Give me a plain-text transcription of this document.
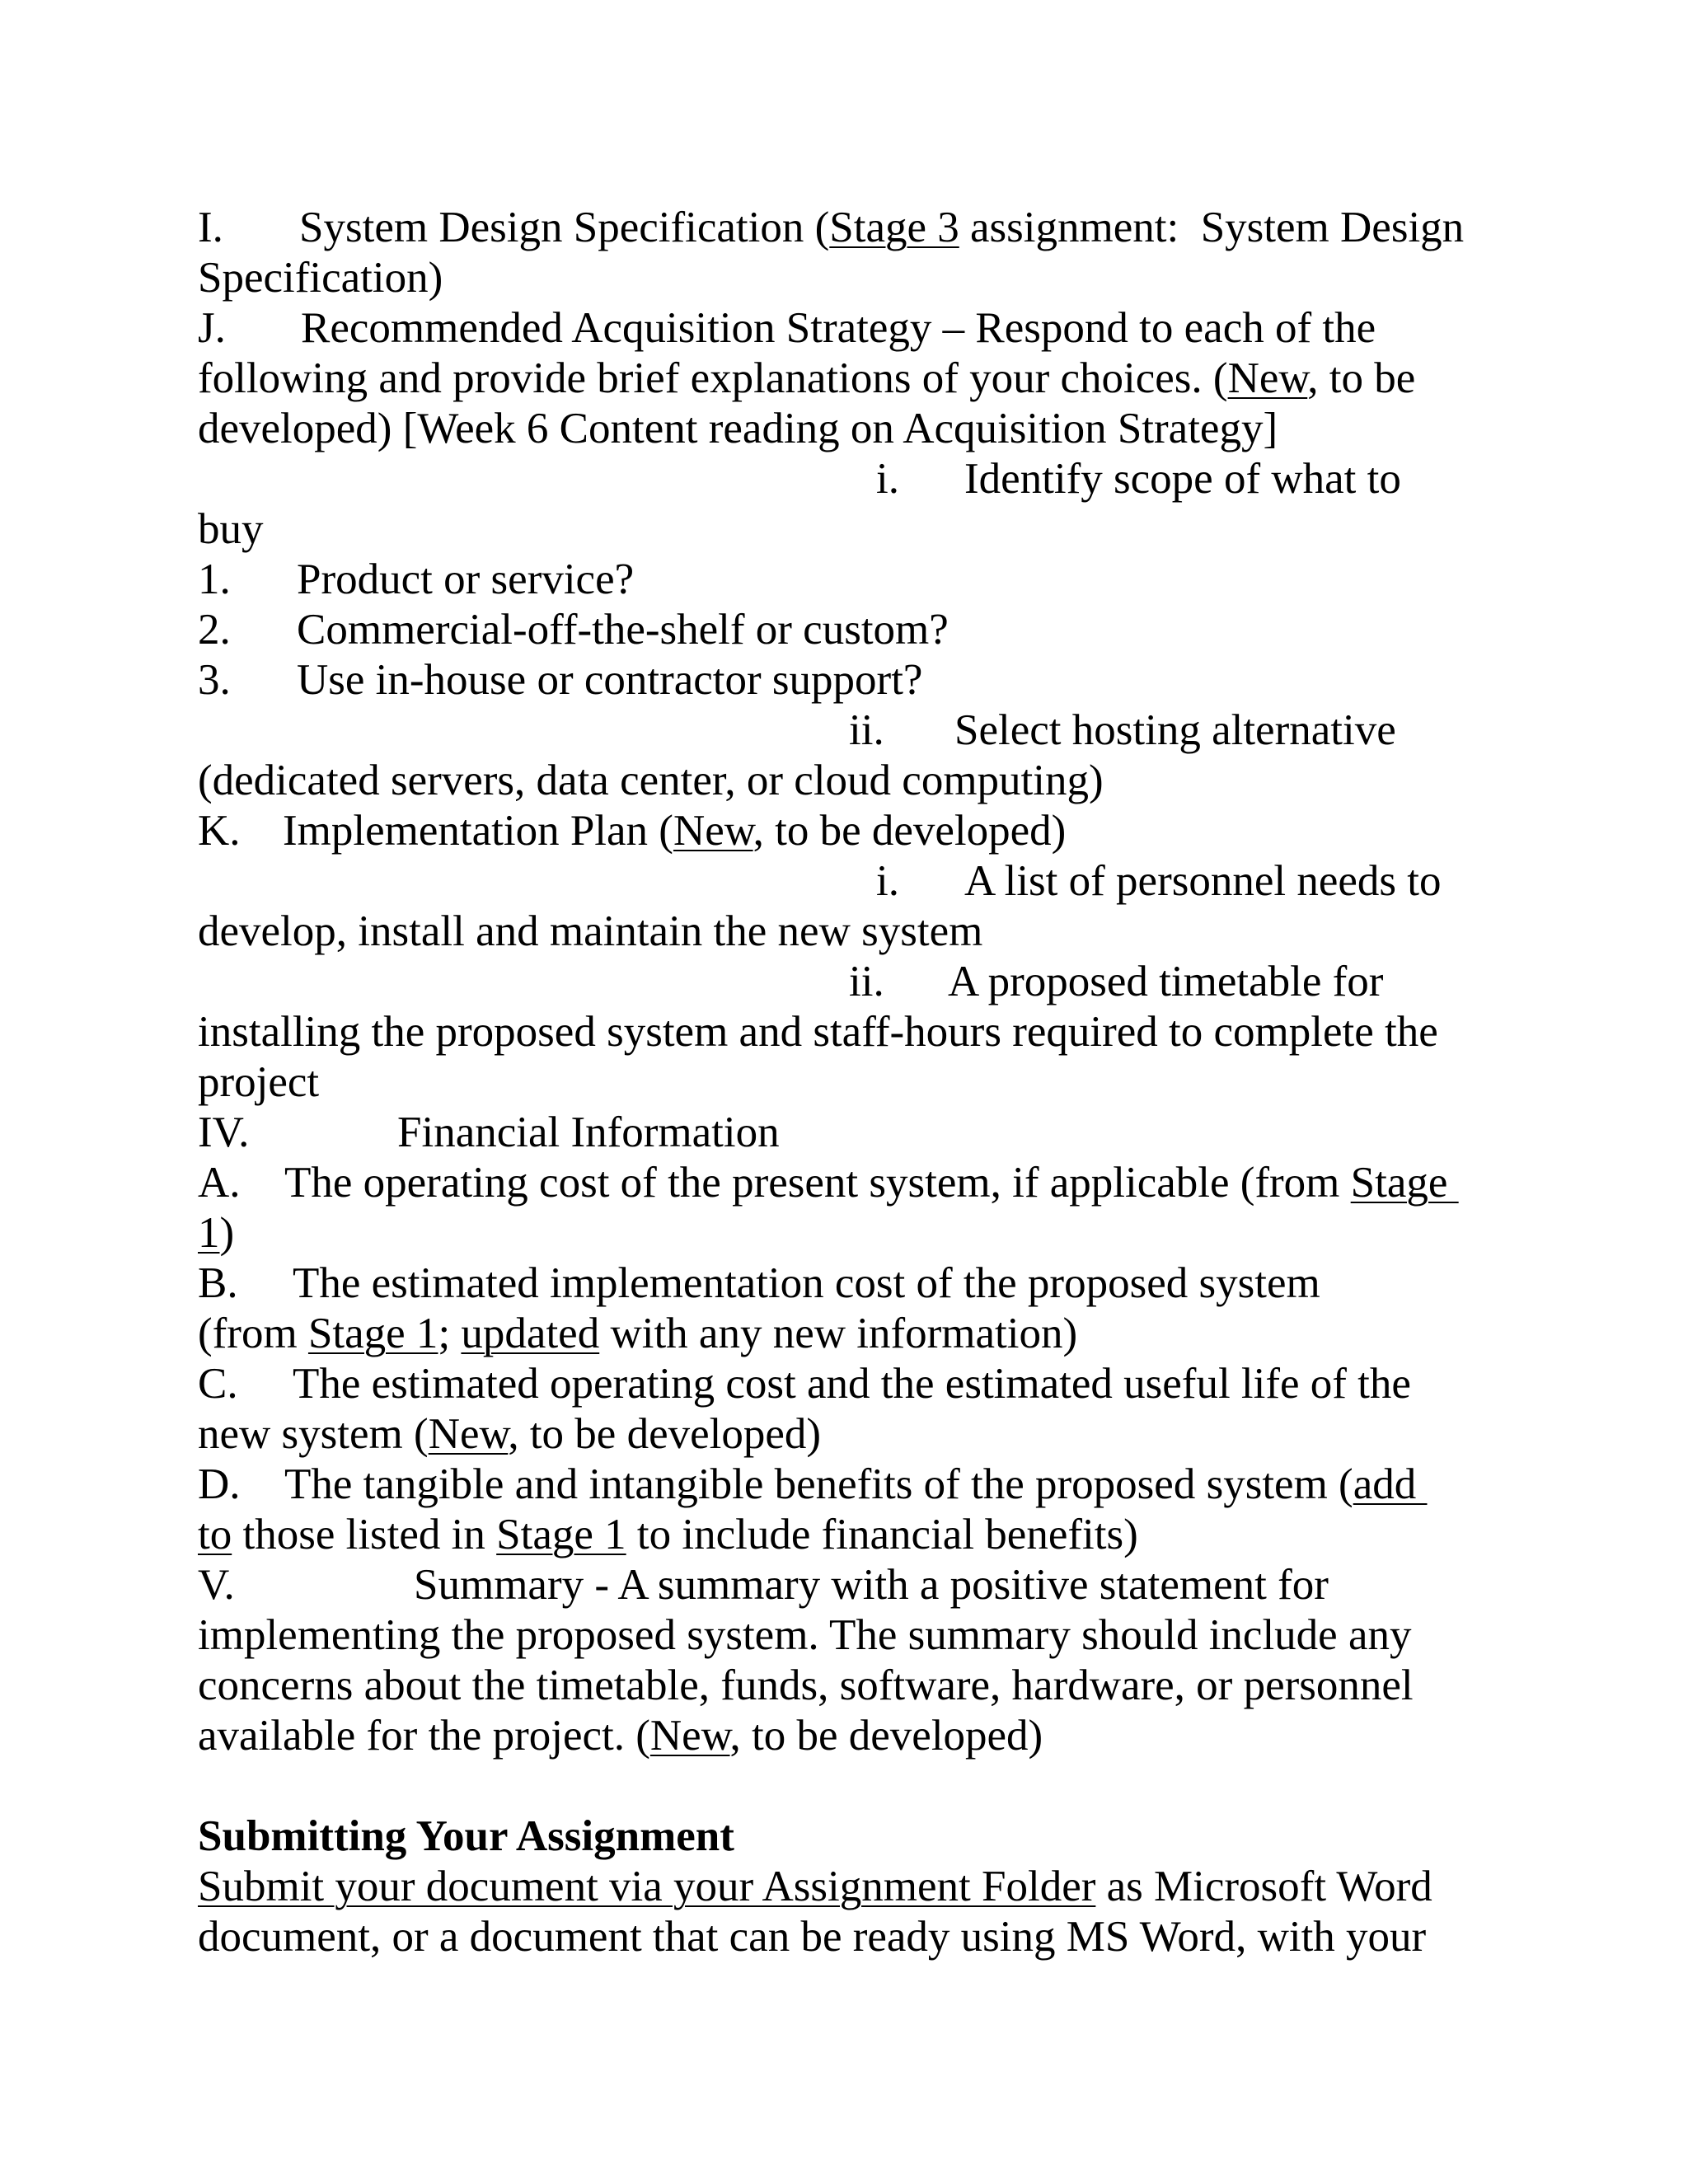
I. System Design Specification (Stage 3 assignment:  System Design
Specification)
J. Recommended Acquisition Strategy – Respond to each of the
following and provide brief explanations of your choices. (New, to be
developed) [Week 6 Content reading on Acquisition Strategy]
i. Identify scope of what to
buy
1. Product or service?
2. Commercial-off-the-shelf or custom?
3. Use in-house or contractor support?
ii. Select hosting alternative
(dedicated servers, data center, or cloud computing)
K. Implementation Plan (New, to be developed)
i. A list of personnel needs to
develop, install and maintain the new system
ii. A proposed timetable for
installing the proposed system and staff-hours required to complete the
project
IV.	Financial Information
A. The operating cost of the present system, if applicable (from Stage
1)
B. The estimated implementation cost of the proposed system
(from Stage 1; updated with any new information)
C. The estimated operating cost and the estimated useful life of the
new system (New, to be developed)
D. The tangible and intangible benefits of the proposed system (add
to those listed in Stage 1 to include financial benefits)
V.	Summary - A summary with a positive statement for
implementing the proposed system. The summary should include any
concerns about the timetable, funds, software, hardware, or personnel
available for the project. (New, to be developed)
Submitting Your Assignment
Submit your document via your Assignment Folder as Microsoft Word
document, or a document that can be ready using MS Word, with your
